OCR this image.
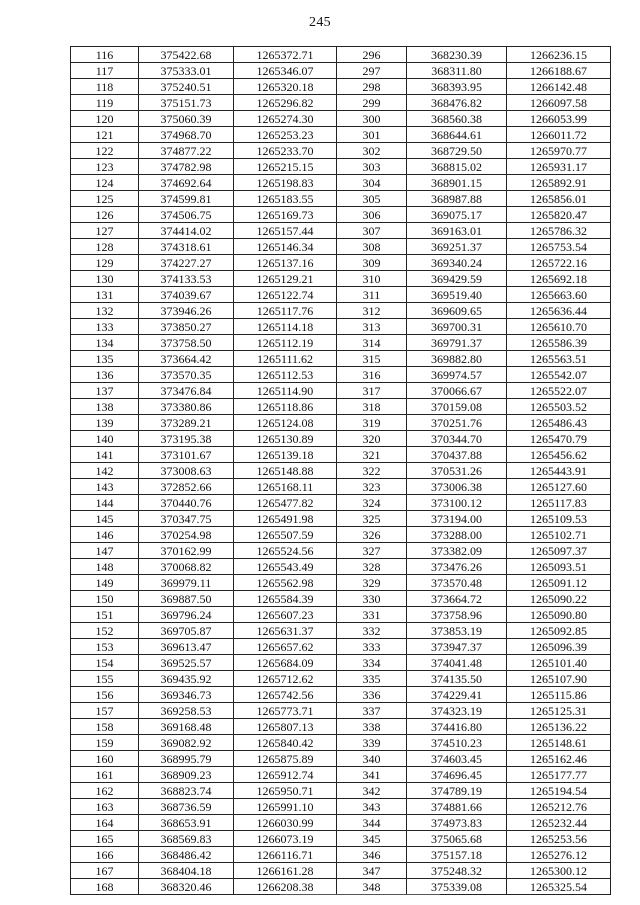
245
116	375422.68	1265372.71	296	368230.39	1266236.15
117	375333.01	1265346.07	297	368311.80	1266188.67
118	375240.51	1265320.18	298	368393.95	1266142.48
119	375151.73	1265296.82	299	368476.82	1266097.58
120	375060.39	1265274.30	300	368560.38	1266053.99
121	374968.70	1265253.23	301	368644.61	1266011.72
122	374877.22	1265233.70	302	368729.50	1265970.77
123	374782.98	1265215.15	303	368815.02	1265931.17
124	374692.64	1265198.83	304	368901.15	1265892.91
125	374599.81	1265183.55	305	368987.88	1265856.01
126	374506.75	1265169.73	306	369075.17	1265820.47
127	374414.02	1265157.44	307	369163.01	1265786.32
128	374318.61	1265146.34	308	369251.37	1265753.54
129	374227.27	1265137.16	309	369340.24	1265722.16
130	374133.53	1265129.21	310	369429.59	1265692.18
131	374039.67	1265122.74	311	369519.40	1265663.60
132	373946.26	1265117.76	312	369609.65	1265636.44
133	373850.27	1265114.18	313	369700.31	1265610.70
134	373758.50	1265112.19	314	369791.37	1265586.39
135	373664.42	1265111.62	315	369882.80	1265563.51
136	373570.35	1265112.53	316	369974.57	1265542.07
137	373476.84	1265114.90	317	370066.67	1265522.07
138	373380.86	1265118.86	318	370159.08	1265503.52
139	373289.21	1265124.08	319	370251.76	1265486.43
140	373195.38	1265130.89	320	370344.70	1265470.79
141	373101.67	1265139.18	321	370437.88	1265456.62
142	373008.63	1265148.88	322	370531.26	1265443.91
143	372852.66	1265168.11	323	373006.38	1265127.60
144	370440.76	1265477.82	324	373100.12	1265117.83
145	370347.75	1265491.98	325	373194.00	1265109.53
146	370254.98	1265507.59	326	373288.00	1265102.71
147	370162.99	1265524.56	327	373382.09	1265097.37
148	370068.82	1265543.49	328	373476.26	1265093.51
149	369979.11	1265562.98	329	373570.48	1265091.12
150	369887.50	1265584.39	330	373664.72	1265090.22
151	369796.24	1265607.23	331	373758.96	1265090.80
152	369705.87	1265631.37	332	373853.19	1265092.85
153	369613.47	1265657.62	333	373947.37	1265096.39
154	369525.57	1265684.09	334	374041.48	1265101.40
155	369435.92	1265712.62	335	374135.50	1265107.90
156	369346.73	1265742.56	336	374229.41	1265115.86
157	369258.53	1265773.71	337	374323.19	1265125.31
158	369168.48	1265807.13	338	374416.80	1265136.22
159	369082.92	1265840.42	339	374510.23	1265148.61
160	368995.79	1265875.89	340	374603.45	1265162.46
161	368909.23	1265912.74	341	374696.45	1265177.77
162	368823.74	1265950.71	342	374789.19	1265194.54
163	368736.59	1265991.10	343	374881.66	1265212.76
164	368653.91	1266030.99	344	374973.83	1265232.44
165	368569.83	1266073.19	345	375065.68	1265253.56
166	368486.42	1266116.71	346	375157.18	1265276.12
167	368404.18	1266161.28	347	375248.32	1265300.12
168	368320.46	1266208.38	348	375339.08	1265325.54
